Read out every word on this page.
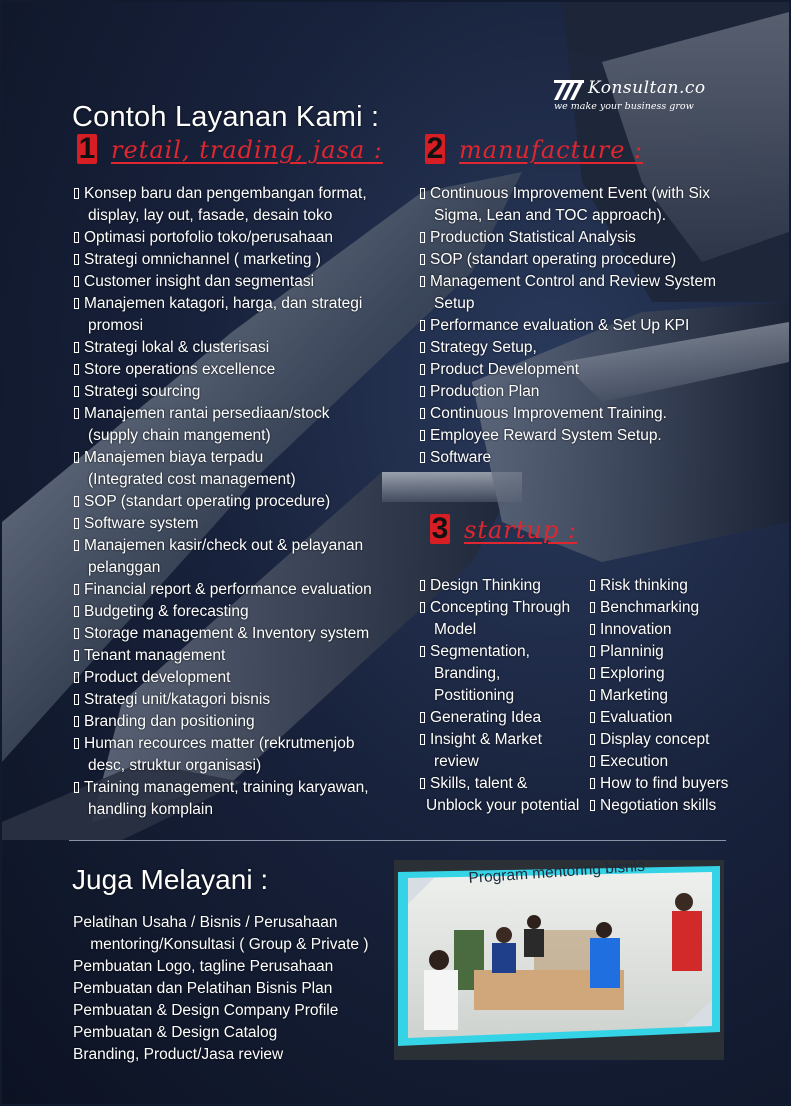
Contoh Layanan Kami :
Konsultan.co
we make your business grow
1 retail, trading, jasa :
Konsep baru dan pengembangan format,
display, lay out, fasade, desain toko
Optimasi portofolio toko/perusahaan
Strategi omnichannel ( marketing )
Customer insight dan segmentasi
Manajemen katagori, harga, dan strategi
promosi
Strategi lokal & clusterisasi
Store operations excellence
Strategi sourcing
Manajemen rantai persediaan/stock
(supply chain mangement)
Manajemen biaya terpadu
(Integrated cost management)
SOP (standart operating procedure)
Software system
Manajemen kasir/check out & pelayanan
pelanggan
Financial report & performance evaluation
Budgeting & forecasting
Storage management & Inventory system
Tenant management
Product development
Strategi unit/katagori bisnis
Branding dan positioning
Human recources matter (rekrutmenjob
desc, struktur organisasi)
Training management, training karyawan,
handling komplain
2 manufacture :
Continuous Improvement Event (with Six
Sigma, Lean and TOC approach).
Production Statistical Analysis
SOP (standart operating procedure)
Management Control and Review System
Setup
Performance evaluation & Set Up KPI
Strategy Setup,
Product Development
Production Plan
Continuous Improvement Training.
Employee Reward System Setup.
Software
3 startup :
Design Thinking
Concepting Through
Model
Segmentation,
Branding,
Postitioning
Generating Idea
Insight & Market
review
Skills, talent &
Unblock your potential
Risk thinking
Benchmarking
Innovation
Planninig
Exploring
Marketing
Evaluation
Display concept
Execution
How to find buyers
Negotiation skills
Juga Melayani :
Pelatihan Usaha / Bisnis / Perusahaan
mentoring/Konsultasi ( Group & Private )
Pembuatan Logo, tagline Perusahaan
Pembuatan dan Pelatihan Bisnis Plan
Pembuatan & Design Company Profile
Pembuatan & Design Catalog
Branding, Product/Jasa review
Program mentoring bisnis
